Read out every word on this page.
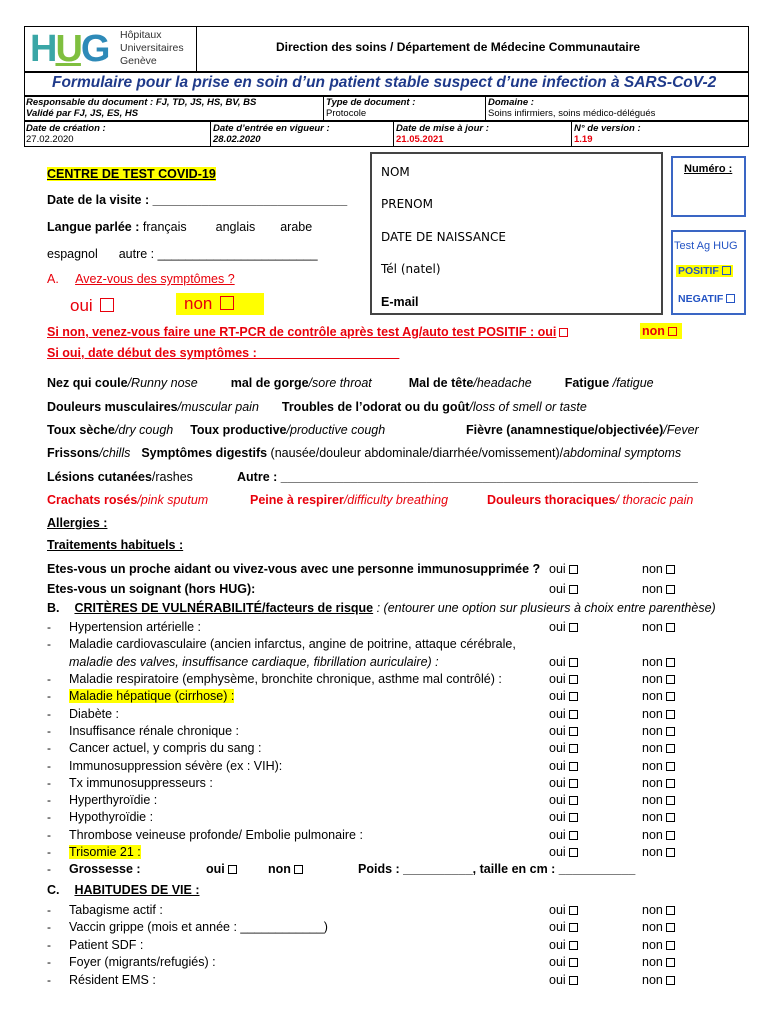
HUG Hôpitaux
Universitaires
Genève
Direction des soins / Département de Médecine Communautaire
Formulaire pour la prise en soin d’un patient stable suspect d’une infection à SARS-CoV-2
Responsable du document : FJ, TD, JS, HS, BV, BS
Validé par FJ, JS, ES, HS
Type de document :
Protocole
Domaine :
Soins infirmiers, soins médico-délégués
Date de création :
27.02.2020
Date d’entrée en vigueur :
28.02.2020
Date de mise à jour :
21.05.2021
N° de version :
1.19
NOM
PRENOM
DATE DE NAISSANCE
Tél (natel)
E-mail
Numéro :
Test Ag HUG
POSITIF
NEGATIF
CENTRE DE TEST COVID-19
Date de la visite : ____________________________
Langue parlée : français anglais arabe
espagnol autre : _______________________
A. Avez-vous des symptômes ?
oui	non
Si non, venez-vous faire une RT-PCR de contrôle après test Ag/auto test POSITIF : oui	non
Si oui, date début des symptômes : ____________________
Nez qui coule/Runny nose	mal de gorge/sore throat	Mal de tête/headache	Fatigue /fatigue
Douleurs musculaires/muscular pain Troubles de l’odorat ou du goût/loss of smell or taste
Toux sèche/dry cough Toux productive/productive cough	Fièvre (anamnestique/objectivée)/Fever
Frissons/chills Symptômes digestifs (nausée/douleur abdominale/diarrhée/vomissement)/abdominal symptoms
Lésions cutanées/rashes	Autre : ____________________________________________________________
Crachats rosés/pink sputum	Peine à respirer/difficulty breathing	Douleurs thoraciques/ thoracic pain
Allergies :
Traitements habituels :
Etes-vous un proche aidant ou vivez-vous avec une personne immunosupprimée ? oui	non
Etes-vous un soignant (hors HUG):	oui	non
B. CRITÈRES DE VULNÉRABILITÉ/facteurs de risque : (entourer une option sur plusieurs à choix entre parenthèse)
- Hypertension artérielle :	oui	non
- Maladie cardiovasculaire (ancien infarctus, angine de poitrine, attaque cérébrale,
maladie des valves, insuffisance cardiaque, fibrillation auriculaire) :	oui	non
- Maladie respiratoire (emphysème, bronchite chronique, asthme mal contrôlé) :	oui	non
- Maladie hépatique (cirrhose) :	oui	non
- Diabète :	oui	non
- Insuffisance rénale chronique :	oui	non
- Cancer actuel, y compris du sang :	oui	non
- Immunosuppression sévère (ex : VIH):	oui	non
- Tx immunosuppresseurs :	oui	non
- Hyperthyroïdie :	oui	non
- Hypothyroïdie :	oui	non
- Thrombose veineuse profonde/ Embolie pulmonaire :	oui	non
- Trisomie 21 :	oui	non
- Grossesse :	oui	non	Poids : __________, taille en cm : ___________
C. HABITUDES DE VIE :
- Tabagisme actif :	oui	non
- Vaccin grippe (mois et année : ____________)	oui	non
- Patient SDF :	oui	non
- Foyer (migrants/refugiés) :	oui	non
- Résident EMS :	oui	non
